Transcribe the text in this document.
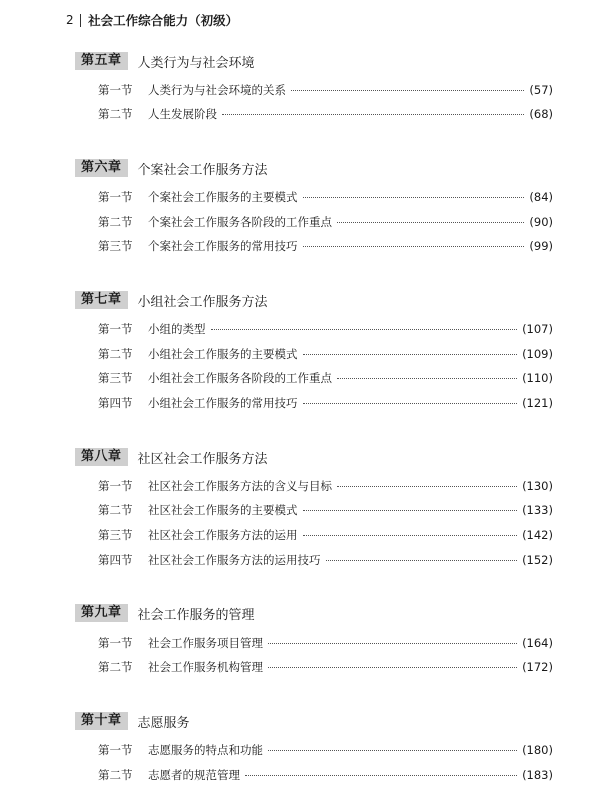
2 社会工作综合能力（初级）
第五章	人类行为与社会环境
第一节	人类行为与社会环境的关系	(57)
第二节	人生发展阶段	(68)
第六章	个案社会工作服务方法
第一节	个案社会工作服务的主要模式	(84)
第二节	个案社会工作服务各阶段的工作重点	(90)
第三节	个案社会工作服务的常用技巧	(99)
第七章	小组社会工作服务方法
第一节	小组的类型	(107)
第二节	小组社会工作服务的主要模式	(109)
第三节	小组社会工作服务各阶段的工作重点	(110)
第四节	小组社会工作服务的常用技巧	(121)
第八章	社区社会工作服务方法
第一节	社区社会工作服务方法的含义与目标	(130)
第二节	社区社会工作服务的主要模式	(133)
第三节	社区社会工作服务方法的运用	(142)
第四节	社区社会工作服务方法的运用技巧	(152)
第九章	社会工作服务的管理
第一节	社会工作服务项目管理	(164)
第二节	社会工作服务机构管理	(172)
第十章	志愿服务
第一节	志愿服务的特点和功能	(180)
第二节	志愿者的规范管理	(183)
